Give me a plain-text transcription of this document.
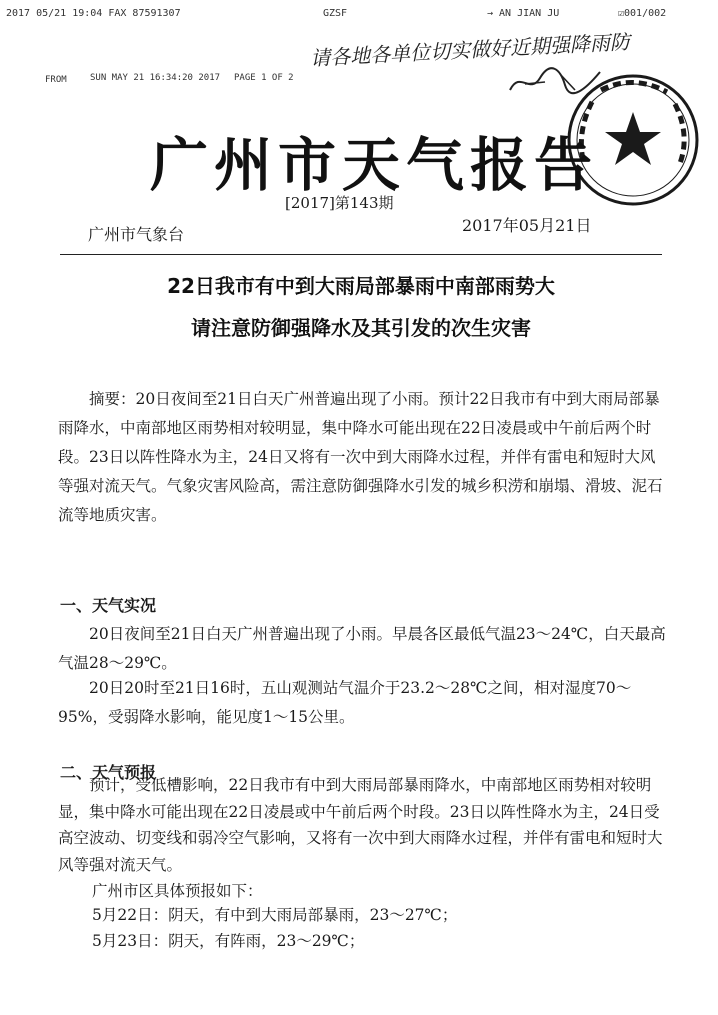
2017 05/21 19:04 FAX 87591307	GZSF	→ AN JIAN JU	☑001/002
FROM	SUN MAY 21 16:34:20 2017 PAGE 1 OF 2
请各地各单位切实做好近期强降雨防
广州市天气报告
[2017]第143期
广州市气象台	2017年05月21日
22日我市有中到大雨局部暴雨中南部雨势大
请注意防御强降水及其引发的次生灾害
摘要：20日夜间至21日白天广州普遍出现了小雨。预计22日我市有中到大雨局部暴雨降水，中南部地区雨势相对较明显，集中降水可能出现在22日凌晨或中午前后两个时段。23日以阵性降水为主，24日又将有一次中到大雨降水过程，并伴有雷电和短时大风等强对流天气。气象灾害风险高，需注意防御强降水引发的城乡积涝和崩塌、滑坡、泥石流等地质灾害。
一、天气实况
20日夜间至21日白天广州普遍出现了小雨。早晨各区最低气温23～24℃，白天最高气温28～29℃。
20日20时至21日16时，五山观测站气温介于23.2～28℃之间，相对湿度70～95%，受弱降水影响，能见度1～15公里。
二、天气预报
预计，受低槽影响，22日我市有中到大雨局部暴雨降水，中南部地区雨势相对较明显，集中降水可能出现在22日凌晨或中午前后两个时段。23日以阵性降水为主，24日受高空波动、切变线和弱冷空气影响，又将有一次中到大雨降水过程，并伴有雷电和短时大风等强对流天气。
广州市区具体预报如下：
5月22日：阴天，有中到大雨局部暴雨，23～27℃；
5月23日：阴天，有阵雨，23～29℃；
